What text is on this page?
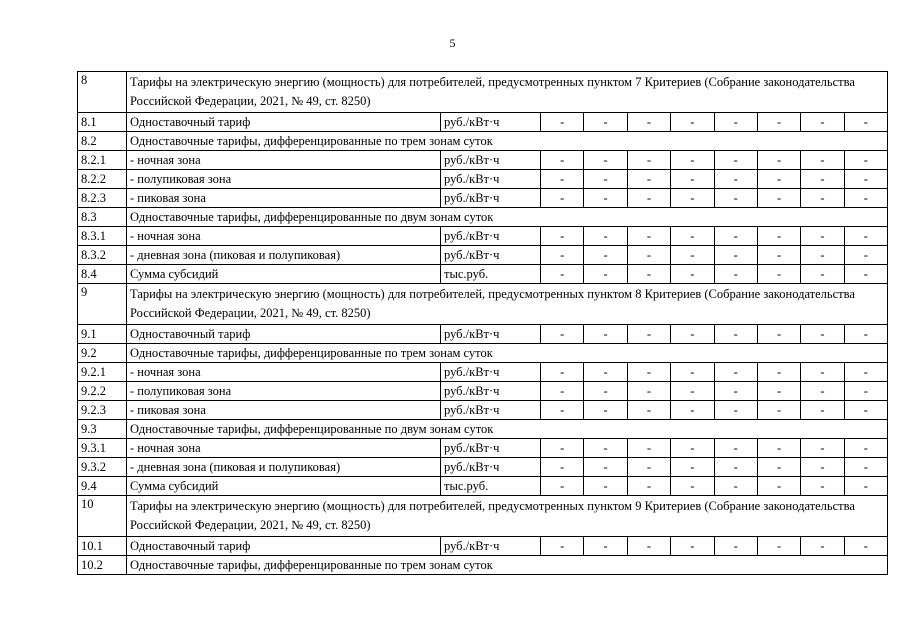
5
8	Тарифы на электрическую энергию (мощность) для потребителей, предусмотренных пунктом 7 Критериев (Собрание законодательства Российской Федерации, 2021, № 49, ст. 8250)									
8.1	Одноставочный тариф	руб./кВт·ч	-	-	-	-	-	-	-	-
8.2	Одноставочные тарифы, дифференцированные по трем зонам суток									
8.2.1	- ночная зона	руб./кВт·ч	-	-	-	-	-	-	-	-
8.2.2	- полупиковая зона	руб./кВт·ч	-	-	-	-	-	-	-	-
8.2.3	- пиковая зона	руб./кВт·ч	-	-	-	-	-	-	-	-
8.3	Одноставочные тарифы, дифференцированные по двум зонам суток									
8.3.1	- ночная зона	руб./кВт·ч	-	-	-	-	-	-	-	-
8.3.2	- дневная зона (пиковая и полупиковая)	руб./кВт·ч	-	-	-	-	-	-	-	-
8.4	Сумма субсидий	тыс.руб.	-	-	-	-	-	-	-	-
9	Тарифы на электрическую энергию (мощность) для потребителей, предусмотренных пунктом 8 Критериев (Собрание законодательства Российской Федерации, 2021, № 49, ст. 8250)									
9.1	Одноставочный тариф	руб./кВт·ч	-	-	-	-	-	-	-	-
9.2	Одноставочные тарифы, дифференцированные по трем зонам суток									
9.2.1	- ночная зона	руб./кВт·ч	-	-	-	-	-	-	-	-
9.2.2	- полупиковая зона	руб./кВт·ч	-	-	-	-	-	-	-	-
9.2.3	- пиковая зона	руб./кВт·ч	-	-	-	-	-	-	-	-
9.3	Одноставочные тарифы, дифференцированные по двум зонам суток									
9.3.1	- ночная зона	руб./кВт·ч	-	-	-	-	-	-	-	-
9.3.2	- дневная зона (пиковая и полупиковая)	руб./кВт·ч	-	-	-	-	-	-	-	-
9.4	Сумма субсидий	тыс.руб.	-	-	-	-	-	-	-	-
10	Тарифы на электрическую энергию (мощность) для потребителей, предусмотренных пунктом 9 Критериев (Собрание законодательства Российской Федерации, 2021, № 49, ст. 8250)									
10.1	Одноставочный тариф	руб./кВт·ч	-	-	-	-	-	-	-	-
10.2	Одноставочные тарифы, дифференцированные по трем зонам суток									
